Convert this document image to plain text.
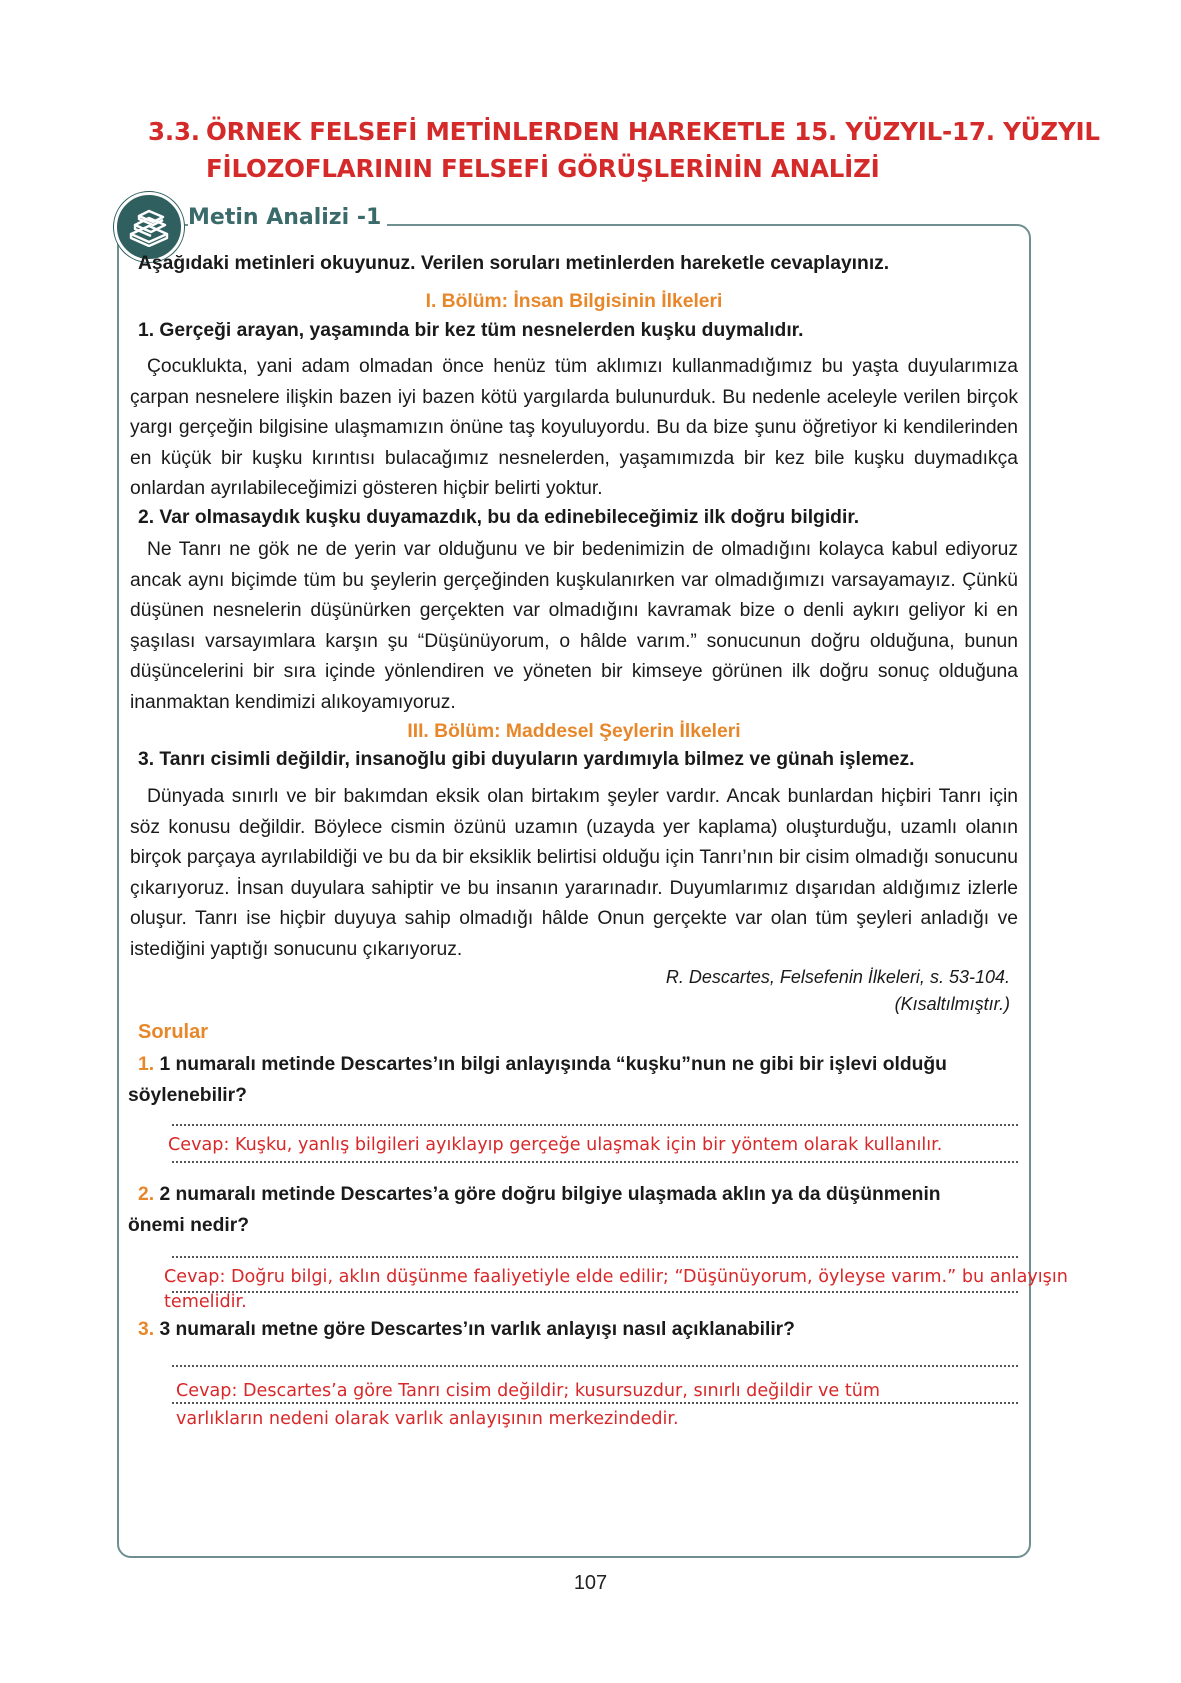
3.3. ÖRNEK FELSEFİ METİNLERDEN HAREKETLE 15. YÜZYIL-17. YÜZYIL
FİLOZOFLARININ FELSEFİ GÖRÜŞLERİNİN ANALİZİ
Metin Analizi -1

Aşağıdaki metinleri okuyunuz. Verilen soruları metinlerden hareketle cevaplayınız.

I. Bölüm: İnsan Bilgisinin İlkeleri

1. Gerçeği arayan, yaşamında bir kez tüm nesnelerden kuşku duymalıdır.

Çocuklukta, yani adam olmadan önce henüz tüm aklımızı kullanmadığımız bu yaşta duyularımıza çarpan nesnelere ilişkin bazen iyi bazen kötü yargılarda bulunurduk. Bu nedenle aceleyle verilen birçok yargı gerçeğin bilgisine ulaşmamızın önüne taş koyuluyordu. Bu da bize şunu öğretiyor ki kendilerinden en küçük bir kuşku kırıntısı bulacağımız nesnelerden, yaşamımızda bir kez bile kuşku duymadıkça onlardan ayrılabileceğimizi gösteren hiçbir belirti yoktur.

2. Var olmasaydık kuşku duyamazdık, bu da edinebileceğimiz ilk doğru bilgidir.

Ne Tanrı ne gök ne de yerin var olduğunu ve bir bedenimizin de olmadığını kolayca kabul ediyoruz ancak aynı biçimde tüm bu şeylerin gerçeğinden kuşkulanırken var olmadığımızı varsayamayız. Çünkü düşünen nesnelerin düşünürken gerçekten var olmadığını kavramak bize o denli aykırı geliyor ki en şaşılası varsayımlara karşın şu “Düşünüyorum, o hâlde varım.” sonucunun doğru olduğuna, bunun düşüncelerini bir sıra içinde yönlendiren ve yöneten bir kimseye görünen ilk doğru sonuç olduğuna inanmaktan kendimizi alıkoyamıyoruz.

III. Bölüm: Maddesel Şeylerin İlkeleri

3. Tanrı cisimli değildir, insanoğlu gibi duyuların yardımıyla bilmez ve günah işlemez.

Dünyada sınırlı ve bir bakımdan eksik olan birtakım şeyler vardır. Ancak bunlardan hiçbiri Tanrı için söz konusu değildir. Böylece cismin özünü uzamın (uzayda yer kaplama) oluşturduğu, uzamlı olanın birçok parçaya ayrılabildiği ve bu da bir eksiklik belirtisi olduğu için Tanrı’nın bir cisim olmadığı sonucunu çıkarıyoruz. İnsan duyulara sahiptir ve bu insanın yararınadır. Duyumlarımız dışarıdan aldığımız izlerle oluşur. Tanrı ise hiçbir duyuya sahip olmadığı hâlde Onun gerçekte var olan tüm şeyleri anladığı ve istediğini yaptığı sonucunu çıkarıyoruz.

R. Descartes, Felsefenin İlkeleri, s. 53-104.

(Kısaltılmıştır.)

Sorular

1. 1 numaralı metinde Descartes’ın bilgi anlayışında “kuşku”nun ne gibi bir işlevi olduğu
söylenebilir?

Cevap: Kuşku, yanlış bilgileri ayıklayıp gerçeğe ulaşmak için bir yöntem olarak kullanılır.

2. 2 numaralı metinde Descartes’a göre doğru bilgiye ulaşmada aklın ya da düşünmenin
önemi nedir?

Cevap: Doğru bilgi, aklın düşünme faaliyetiyle elde edilir; “Düşünüyorum, öyleyse varım.” bu anlayışın
temelidir.

3. 3 numaralı metne göre Descartes’ın varlık anlayışı nasıl açıklanabilir?

Cevap: Descartes’a göre Tanrı cisim değildir; kusursuzdur, sınırlı değildir ve tüm
varlıkların nedeni olarak varlık anlayışının merkezindedir.

107
